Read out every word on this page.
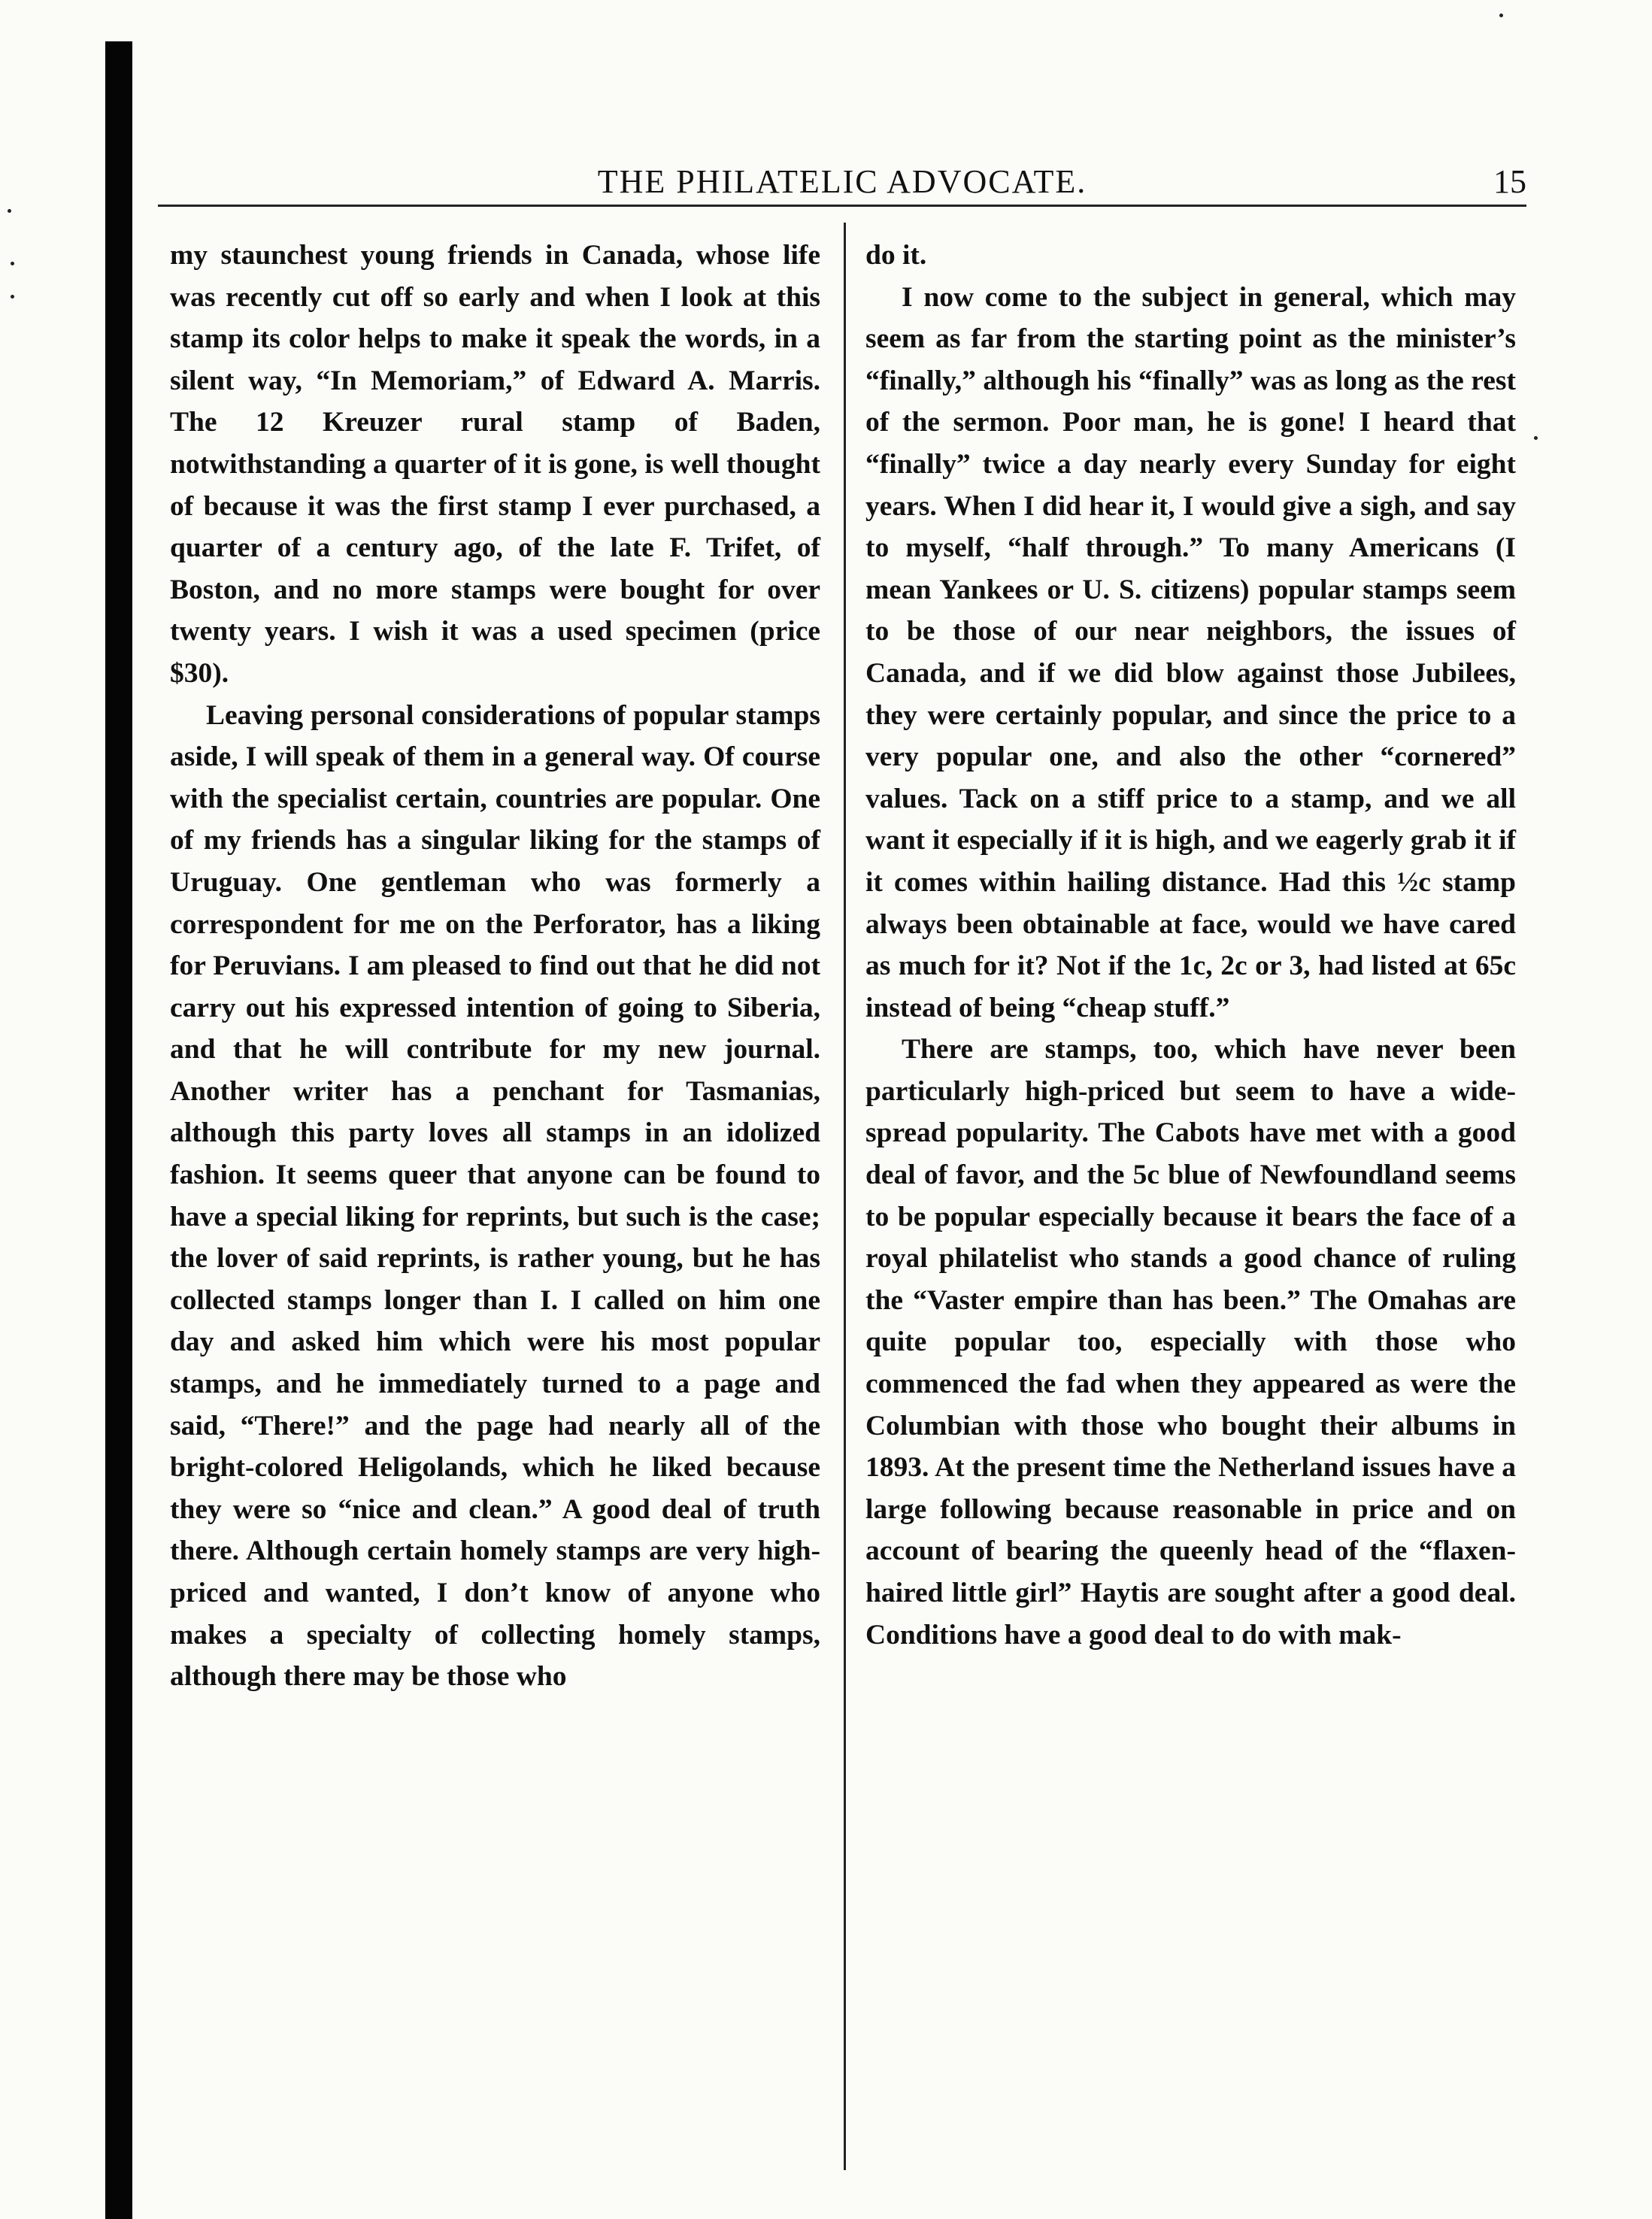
THE PHILATELIC ADVOCATE.	15

my staunchest young friends in Canada, whose life was recently cut off so early and when I look at this stamp its color helps to make it speak the words, in a silent way, “In Memoriam,” of Edward A. Marris. The 12 Kreuzer rural stamp of Baden, notwithstanding a quarter of it is gone, is well thought of because it was the first stamp I ever purchased, a quarter of a century ago, of the late F. Trifet, of Boston, and no more stamps were bought for over twenty years. I wish it was a used specimen (price $30).

Leaving personal considerations of popular stamps aside, I will speak of them in a general way. Of course with the specialist certain, countries are popular. One of my friends has a singular liking for the stamps of Uruguay. One gentleman who was formerly a correspondent for me on the Perforator, has a liking for Peruvians. I am pleased to find out that he did not carry out his expressed intention of going to Siberia, and that he will contribute for my new journal. Another writer has a penchant for Tasmanias, although this party loves all stamps in an idolized fashion. It seems queer that anyone can be found to have a special liking for reprints, but such is the case; the lover of said reprints, is rather young, but he has collected stamps longer than I. I called on him one day and asked him which were his most popular stamps, and he immediately turned to a page and said, “There!” and the page had nearly all of the bright-colored Heligolands, which he liked because they were so “nice and clean.” A good deal of truth there. Although certain homely stamps are very high-priced and wanted, I don’t know of anyone who makes a specialty of collecting homely stamps, although there may be those who

do it.

I now come to the subject in general, which may seem as far from the starting point as the minister’s “finally,” although his “finally” was as long as the rest of the sermon. Poor man, he is gone! I heard that “finally” twice a day nearly every Sunday for eight years. When I did hear it, I would give a sigh, and say to myself, “half through.” To many Americans (I mean Yankees or U. S. citizens) popular stamps seem to be those of our near neighbors, the issues of Canada, and if we did blow against those Jubilees, they were certainly popular, and since the price to a very popular one, and also the other “cornered” values. Tack on a stiff price to a stamp, and we all want it especially if it is high, and we eagerly grab it if it comes within hailing distance. Had this ½c stamp always been obtainable at face, would we have cared as much for it? Not if the 1c, 2c or 3, had listed at 65c instead of being “cheap stuff.”

There are stamps, too, which have never been particularly high-priced but seem to have a wide-spread popularity. The Cabots have met with a good deal of favor, and the 5c blue of Newfoundland seems to be popular especially because it bears the face of a royal philatelist who stands a good chance of ruling the “Vaster empire than has been.” The Omahas are quite popular too, especially with those who commenced the fad when they appeared as were the Columbian with those who bought their albums in 1893. At the present time the Netherland issues have a large following because reasonable in price and on account of bearing the queenly head of the “flaxen-haired little girl” Haytis are sought after a good deal. Conditions have a good deal to do with mak-
